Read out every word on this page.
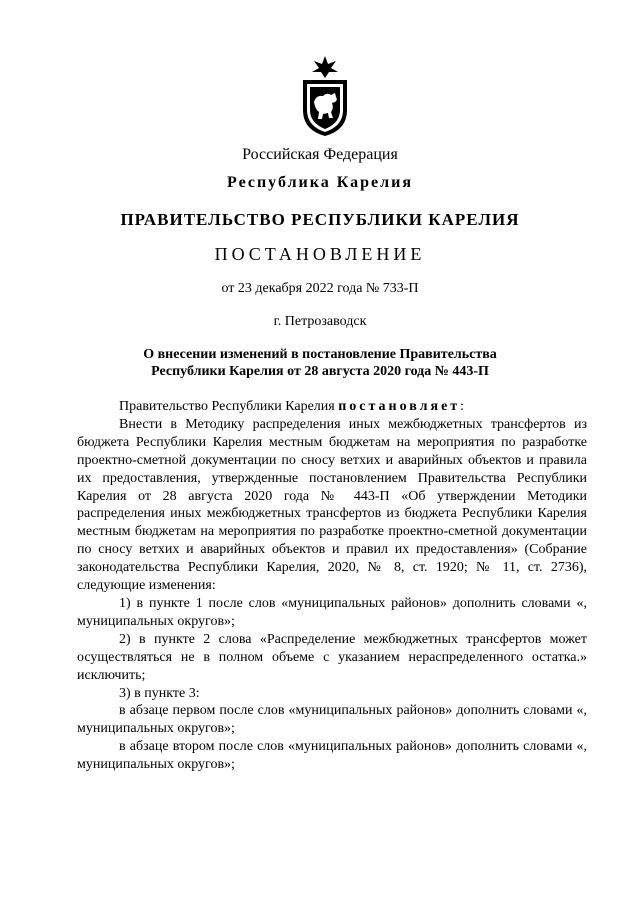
Российская Федерация
Республика Карелия
ПРАВИТЕЛЬСТВО РЕСПУБЛИКИ КАРЕЛИЯ
ПОСТАНОВЛЕНИЕ
от 23 декабря 2022 года № 733-П
г. Петрозаводск
О внесении изменений в постановление Правительства
Республики Карелия от 28 августа 2020 года № 443-П

Правительство Республики Карелия постановляет:

Внести в Методику распределения иных межбюджетных трансфертов из бюджета Республики Карелия местным бюджетам на мероприятия по разработке проектно-сметной документации по сносу ветхих и аварийных объектов и правила их предоставления, утвержденные постановлением Правительства Республики Карелия от 28 августа 2020 года № 443-П «Об утверждении Методики распределения иных межбюджетных трансфертов из бюджета Республики Карелия местным бюджетам на мероприятия по разработке проектно-сметной документации по сносу ветхих и аварийных объектов и правил их предоставления» (Собрание законодательства Республики Карелия, 2020, № 8, ст. 1920; № 11, ст. 2736), следующие изменения:

1) в пункте 1 после слов «муниципальных районов» дополнить словами «, муниципальных округов»;

2) в пункте 2 слова «Распределение межбюджетных трансфертов может осуществляться не в полном объеме с указанием нераспределенного остатка.» исключить;

3) в пункте 3:

в абзаце первом после слов «муниципальных районов» дополнить словами «, муниципальных округов»;

в абзаце втором после слов «муниципальных районов» дополнить словами «, муниципальных округов»;
